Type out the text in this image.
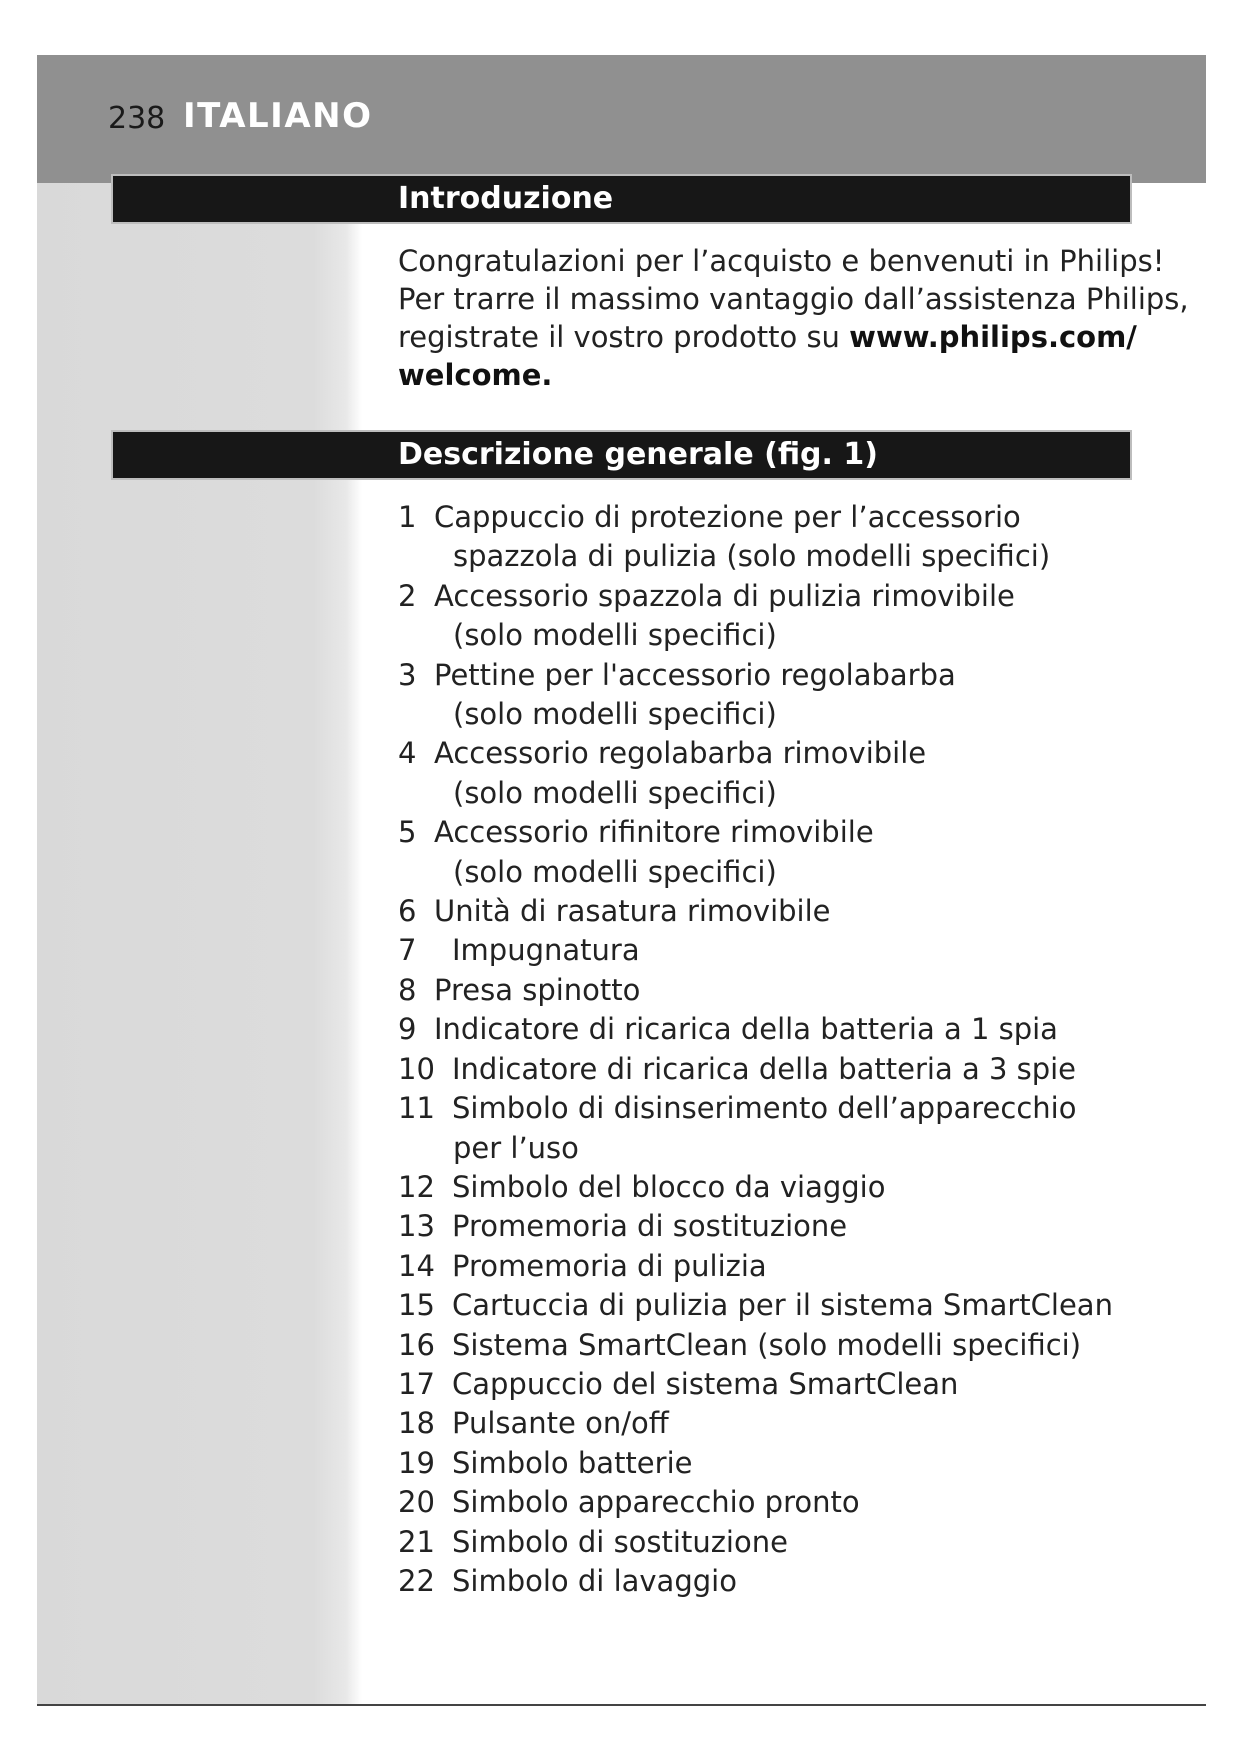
238 ITALIANO
Introduzione

Congratulazioni per l’acquisto e benvenuti in Philips!
Per trarre il massimo vantaggio dall’assistenza Philips,
registrate il vostro prodotto su www.philips.com/
welcome.

Descrizione generale (fig. 1)
1 Cappuccio di protezione per l’accessorio
spazzola di pulizia (solo modelli specifici)
2 Accessorio spazzola di pulizia rimovibile
(solo modelli specifici)
3 Pettine per l'accessorio regolabarba
(solo modelli specifici)
4 Accessorio regolabarba rimovibile
(solo modelli specifici)
5 Accessorio rifinitore rimovibile
(solo modelli specifici)
6 Unità di rasatura rimovibile
7 Impugnatura
8 Presa spinotto
9 Indicatore di ricarica della batteria a 1 spia
10 Indicatore di ricarica della batteria a 3 spie
11 Simbolo di disinserimento dell’apparecchio
per l’uso
12 Simbolo del blocco da viaggio
13 Promemoria di sostituzione
14 Promemoria di pulizia
15 Cartuccia di pulizia per il sistema SmartClean
16 Sistema SmartClean (solo modelli specifici)
17 Cappuccio del sistema SmartClean
18 Pulsante on/off
19 Simbolo batterie
20 Simbolo apparecchio pronto
21 Simbolo di sostituzione
22 Simbolo di lavaggio
